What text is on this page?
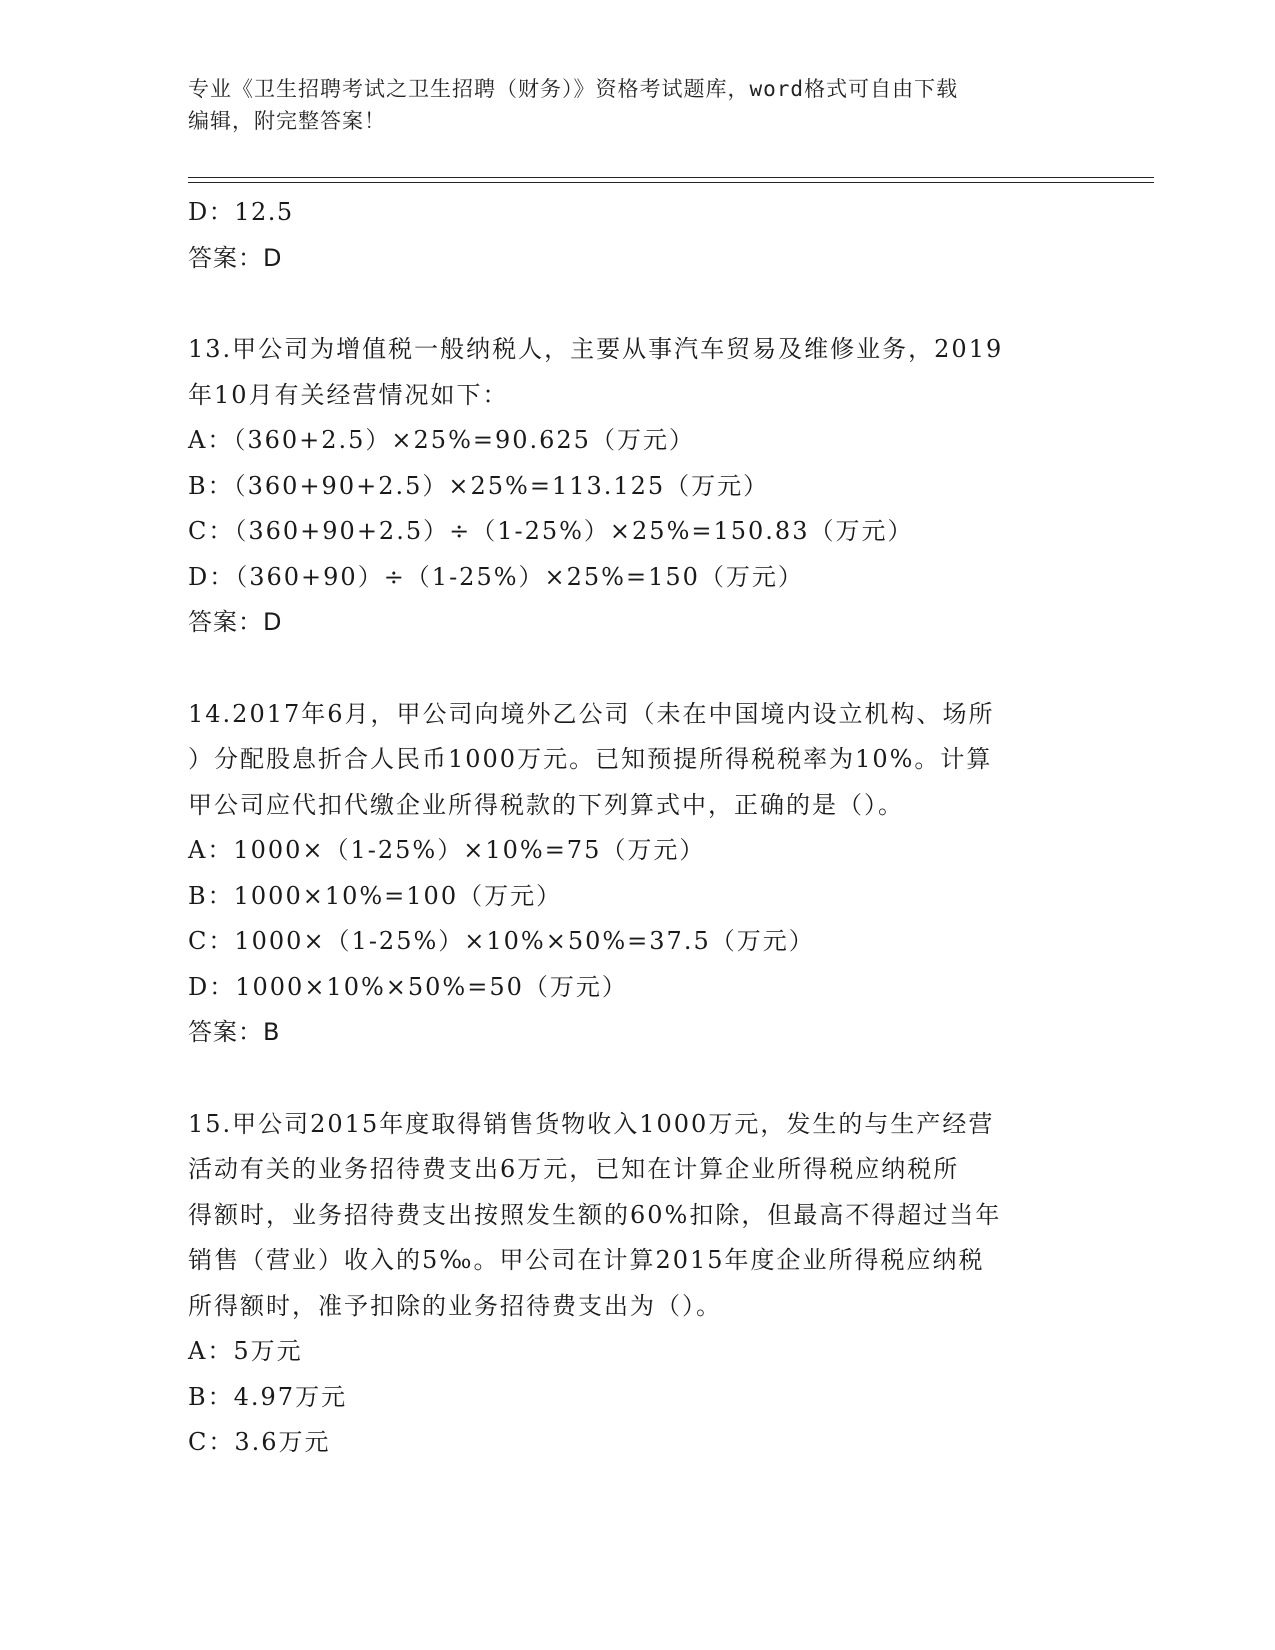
专业《卫生招聘考试之卫生招聘（财务）》资格考试题库，word格式可自由下载
编辑，附完整答案！
D：12.5
答案：D
13.甲公司为增值税一般纳税人，主要从事汽车贸易及维修业务，2019
年10月有关经营情况如下：
A：（360+2.5）×25%=90.625（万元）
B：（360+90+2.5）×25%=113.125（万元）
C：（360+90+2.5）÷（1-25%）×25%=150.83（万元）
D：（360+90）÷（1-25%）×25%=150（万元）
答案：D
14.2017年6月，甲公司向境外乙公司（未在中国境内设立机构、场所
）分配股息折合人民币1000万元。已知预提所得税税率为10%。计算
甲公司应代扣代缴企业所得税款的下列算式中，正确的是（）。
A：1000×（1-25%）×10%=75（万元）
B：1000×10%=100（万元）
C：1000×（1-25%）×10%×50%=37.5（万元）
D：1000×10%×50%=50（万元）
答案：B
15.甲公司2015年度取得销售货物收入1000万元，发生的与生产经营
活动有关的业务招待费支出6万元，已知在计算企业所得税应纳税所
得额时，业务招待费支出按照发生额的60%扣除，但最高不得超过当年
销售（营业）收入的5‰。甲公司在计算2015年度企业所得税应纳税
所得额时，准予扣除的业务招待费支出为（）。
A：5万元
B：4.97万元
C：3.6万元
